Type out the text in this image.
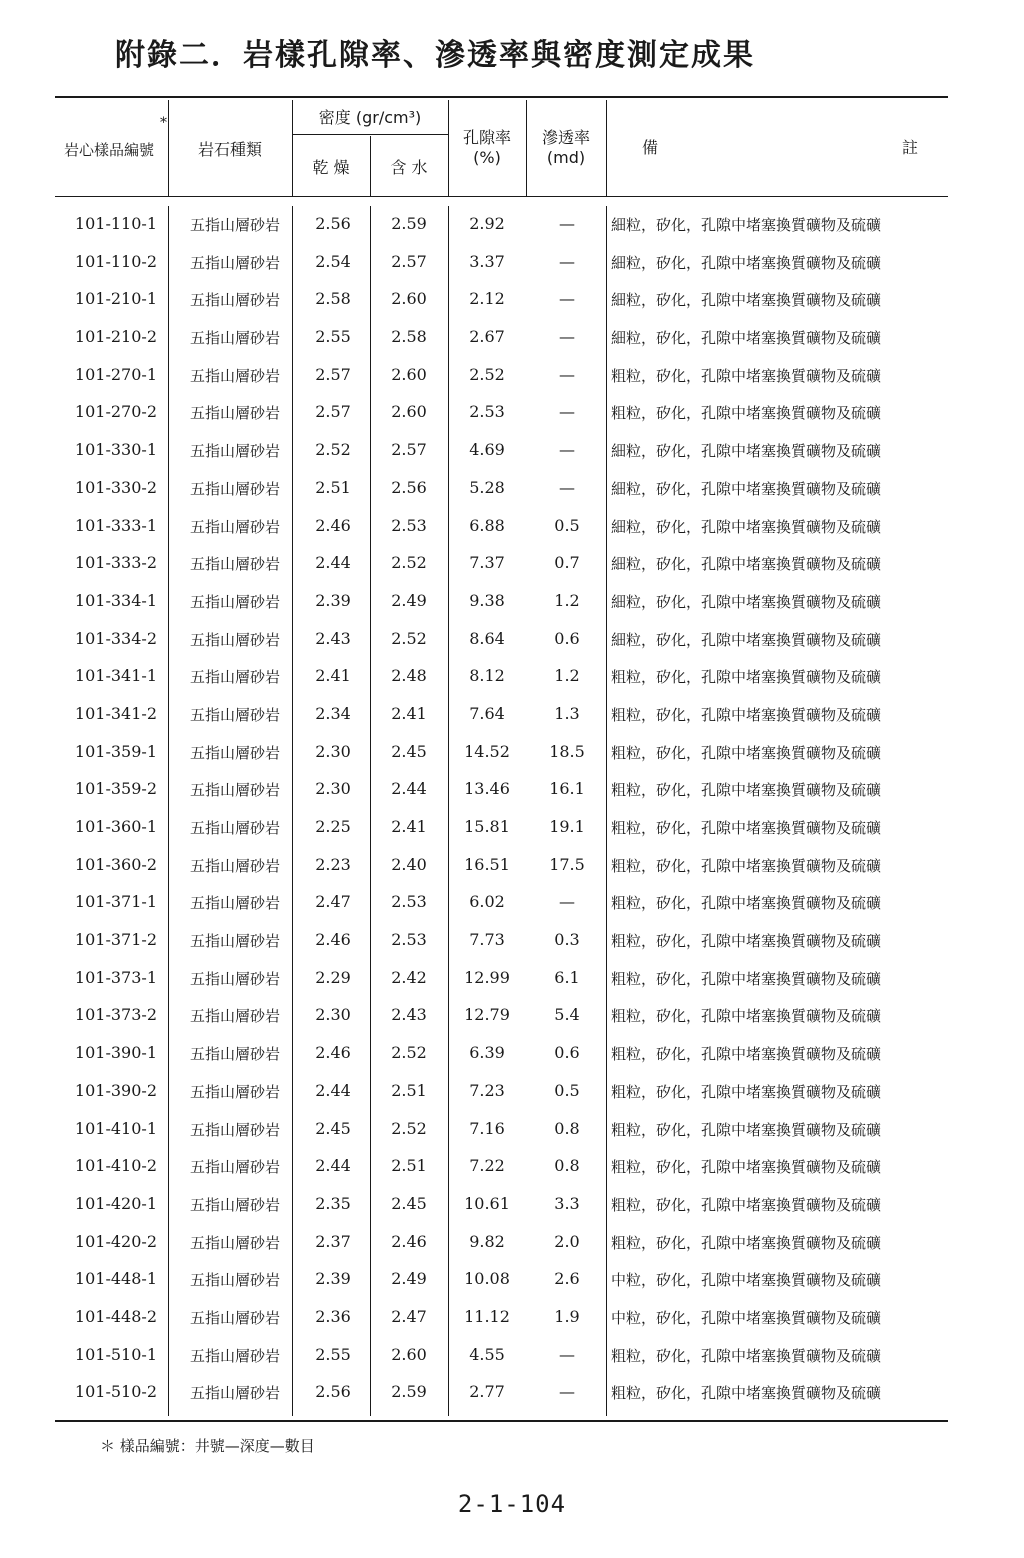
附錄二．岩樣孔隙率、滲透率與密度測定成果
*
岩心樣品編號	岩石種類
密度 (gr/cm³)
乾 燥	含 水
孔隙率
(%)
滲透率
(md)
備	註
101-110-1	五指山層砂岩	2.56	2.59	2.92	—	細粒，矽化，孔隙中堵塞換質礦物及硫礦
101-110-2	五指山層砂岩	2.54	2.57	3.37	—	細粒，矽化，孔隙中堵塞換質礦物及硫礦
101-210-1	五指山層砂岩	2.58	2.60	2.12	—	細粒，矽化，孔隙中堵塞換質礦物及硫礦
101-210-2	五指山層砂岩	2.55	2.58	2.67	—	細粒，矽化，孔隙中堵塞換質礦物及硫礦
101-270-1	五指山層砂岩	2.57	2.60	2.52	—	粗粒，矽化，孔隙中堵塞換質礦物及硫礦
101-270-2	五指山層砂岩	2.57	2.60	2.53	—	粗粒，矽化，孔隙中堵塞換質礦物及硫礦
101-330-1	五指山層砂岩	2.52	2.57	4.69	—	細粒，矽化，孔隙中堵塞換質礦物及硫礦
101-330-2	五指山層砂岩	2.51	2.56	5.28	—	細粒，矽化，孔隙中堵塞換質礦物及硫礦
101-333-1	五指山層砂岩	2.46	2.53	6.88	0.5	細粒，矽化，孔隙中堵塞換質礦物及硫礦
101-333-2	五指山層砂岩	2.44	2.52	7.37	0.7	細粒，矽化，孔隙中堵塞換質礦物及硫礦
101-334-1	五指山層砂岩	2.39	2.49	9.38	1.2	細粒，矽化，孔隙中堵塞換質礦物及硫礦
101-334-2	五指山層砂岩	2.43	2.52	8.64	0.6	細粒，矽化，孔隙中堵塞換質礦物及硫礦
101-341-1	五指山層砂岩	2.41	2.48	8.12	1.2	粗粒，矽化，孔隙中堵塞換質礦物及硫礦
101-341-2	五指山層砂岩	2.34	2.41	7.64	1.3	粗粒，矽化，孔隙中堵塞換質礦物及硫礦
101-359-1	五指山層砂岩	2.30	2.45	14.52	18.5	粗粒，矽化，孔隙中堵塞換質礦物及硫礦
101-359-2	五指山層砂岩	2.30	2.44	13.46	16.1	粗粒，矽化，孔隙中堵塞換質礦物及硫礦
101-360-1	五指山層砂岩	2.25	2.41	15.81	19.1	粗粒，矽化，孔隙中堵塞換質礦物及硫礦
101-360-2	五指山層砂岩	2.23	2.40	16.51	17.5	粗粒，矽化，孔隙中堵塞換質礦物及硫礦
101-371-1	五指山層砂岩	2.47	2.53	6.02	—	粗粒，矽化，孔隙中堵塞換質礦物及硫礦
101-371-2	五指山層砂岩	2.46	2.53	7.73	0.3	粗粒，矽化，孔隙中堵塞換質礦物及硫礦
101-373-1	五指山層砂岩	2.29	2.42	12.99	6.1	粗粒，矽化，孔隙中堵塞換質礦物及硫礦
101-373-2	五指山層砂岩	2.30	2.43	12.79	5.4	粗粒，矽化，孔隙中堵塞換質礦物及硫礦
101-390-1	五指山層砂岩	2.46	2.52	6.39	0.6	粗粒，矽化，孔隙中堵塞換質礦物及硫礦
101-390-2	五指山層砂岩	2.44	2.51	7.23	0.5	粗粒，矽化，孔隙中堵塞換質礦物及硫礦
101-410-1	五指山層砂岩	2.45	2.52	7.16	0.8	粗粒，矽化，孔隙中堵塞換質礦物及硫礦
101-410-2	五指山層砂岩	2.44	2.51	7.22	0.8	粗粒，矽化，孔隙中堵塞換質礦物及硫礦
101-420-1	五指山層砂岩	2.35	2.45	10.61	3.3	粗粒，矽化，孔隙中堵塞換質礦物及硫礦
101-420-2	五指山層砂岩	2.37	2.46	9.82	2.0	粗粒，矽化，孔隙中堵塞換質礦物及硫礦
101-448-1	五指山層砂岩	2.39	2.49	10.08	2.6	中粒，矽化，孔隙中堵塞換質礦物及硫礦
101-448-2	五指山層砂岩	2.36	2.47	11.12	1.9	中粒，矽化，孔隙中堵塞換質礦物及硫礦
101-510-1	五指山層砂岩	2.55	2.60	4.55	—	粗粒，矽化，孔隙中堵塞換質礦物及硫礦
101-510-2	五指山層砂岩	2.56	2.59	2.77	—	粗粒，矽化，孔隙中堵塞換質礦物及硫礦
＊ 樣品編號：井號—深度—數目
2-1-104
